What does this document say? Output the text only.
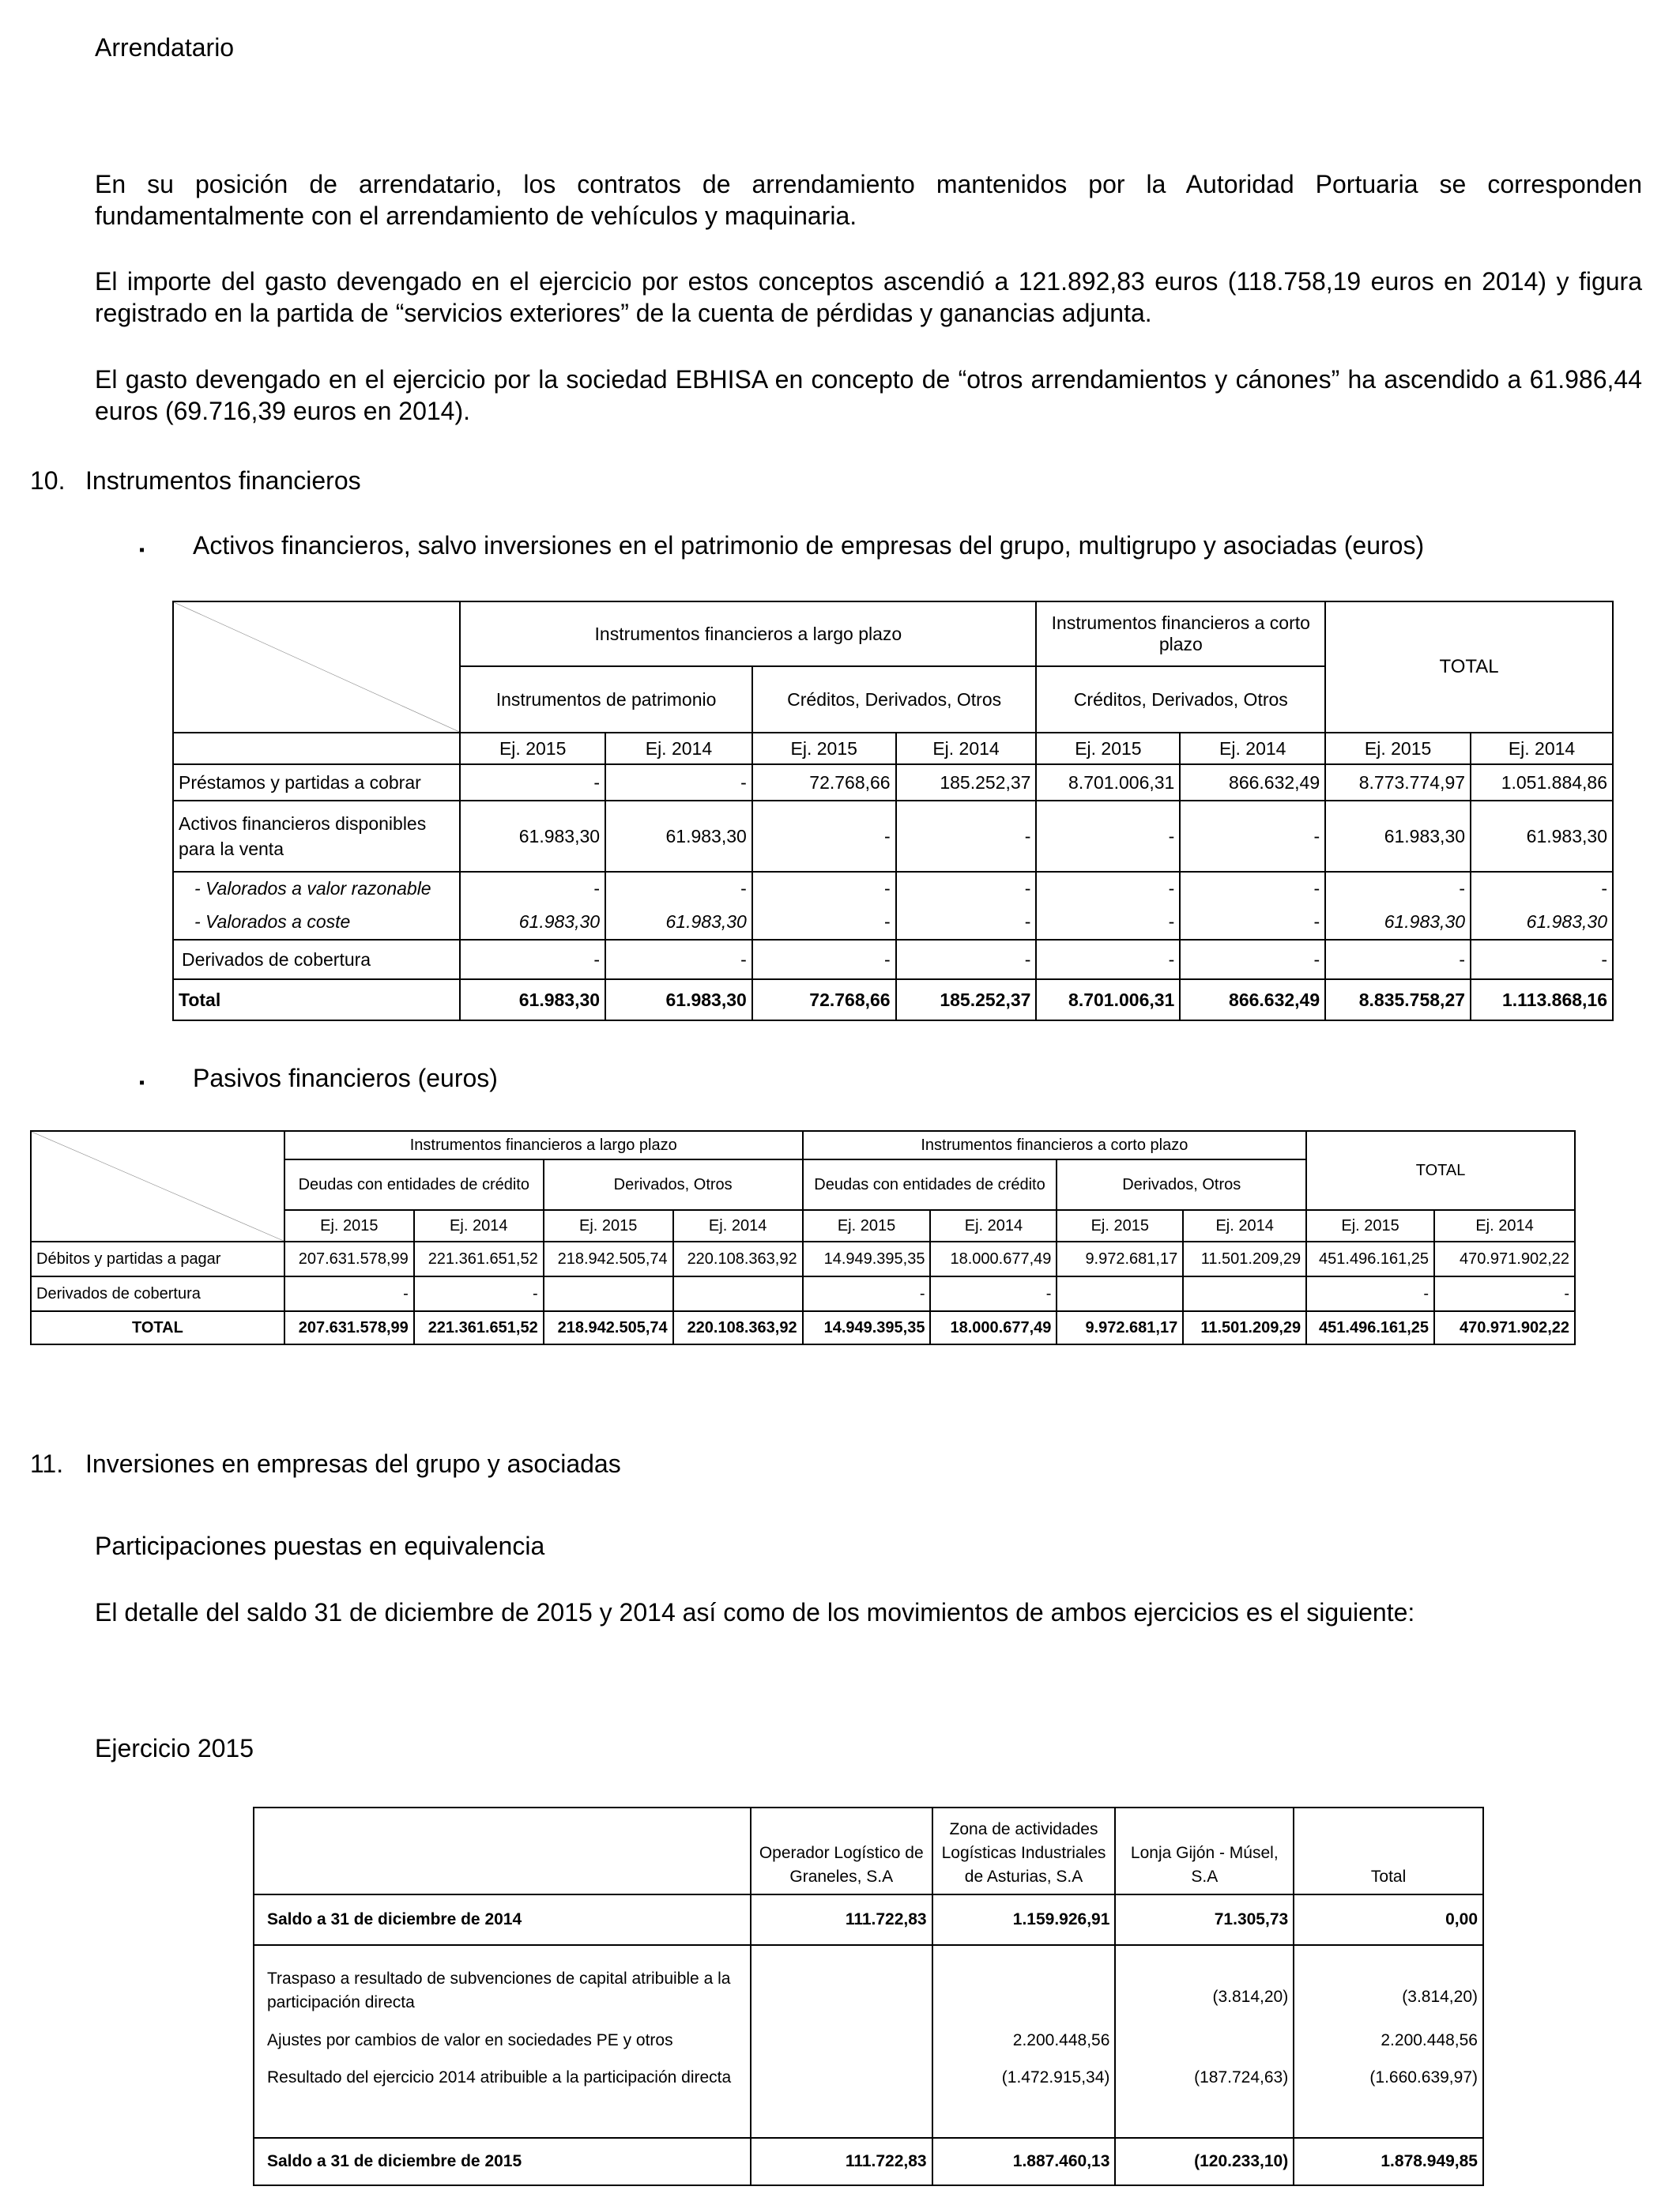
Arrendatario
En su posición de arrendatario, los contratos de arrendamiento mantenidos por la Autoridad Portuaria se corresponden fundamentalmente con el arrendamiento de vehículos y maquinaria.
El importe del gasto devengado en el ejercicio por estos conceptos ascendió a 121.892,83 euros (118.758,19 euros en 2014) y figura registrado en la partida de “servicios exteriores” de la cuenta de pérdidas y ganancias adjunta.
El gasto devengado en el ejercicio por la sociedad EBHISA en concepto de “otros arrendamientos y cánones” ha ascendido a 61.986,44 euros (69.716,39 euros en 2014).
10. Instrumentos financieros
▪ Activos financieros, salvo inversiones en el patrimonio de empresas del grupo, multigrupo y asociadas (euros)
	Instrumentos financieros a largo plazo				Instrumentos financieros a corto plazo		TOTAL	
	Instrumentos de patrimonio		Créditos, Derivados, Otros		Créditos, Derivados, Otros			
	Ej. 2015	Ej. 2014	Ej. 2015	Ej. 2014	Ej. 2015	Ej. 2014	Ej. 2015	Ej. 2014
Préstamos y partidas a cobrar	-	-	72.768,66	185.252,37	8.701.006,31	866.632,49	8.773.774,97	1.051.884,86
Activos financieros disponibles para la venta	61.983,30	61.983,30	-	-	-	-	61.983,30	61.983,30
- Valorados a valor razonable	-	-	-	-	-	-	-	-
- Valorados a coste	61.983,30	61.983,30	-	-	-	-	61.983,30	61.983,30
Derivados de cobertura	-	-	-	-	-	-	-	-
Total	61.983,30	61.983,30	72.768,66	185.252,37	8.701.006,31	866.632,49	8.835.758,27	1.113.868,16
▪ Pasivos financieros (euros)
	Instrumentos financieros a largo plazo				Instrumentos financieros a corto plazo				TOTAL	
	Deudas con entidades de crédito		Derivados, Otros		Deudas con entidades de crédito		Derivados, Otros			
	Ej. 2015	Ej. 2014	Ej. 2015	Ej. 2014	Ej. 2015	Ej. 2014	Ej. 2015	Ej. 2014	Ej. 2015	Ej. 2014
Débitos y partidas a pagar	207.631.578,99	221.361.651,52	218.942.505,74	220.108.363,92	14.949.395,35	18.000.677,49	9.972.681,17	11.501.209,29	451.496.161,25	470.971.902,22
Derivados de cobertura	-	-			-	-			-	-
TOTAL	207.631.578,99	221.361.651,52	218.942.505,74	220.108.363,92	14.949.395,35	18.000.677,49	9.972.681,17	11.501.209,29	451.496.161,25	470.971.902,22
11. Inversiones en empresas del grupo y asociadas
Participaciones puestas en equivalencia
El detalle del saldo 31 de diciembre de 2015 y 2014 así como de los movimientos de ambos ejercicios es el siguiente:
Ejercicio 2015
	Operador Logístico de Graneles, S.A	Zona de actividades Logísticas Industriales de Asturias, S.A	Lonja Gijón - Músel, S.A	Total
Saldo a 31 de diciembre de 2014	111.722,83	1.159.926,91	71.305,73	0,00
Traspaso a resultado de subvenciones de capital atribuible a la participación directa			(3.814,20)	(3.814,20)
Ajustes por cambios de valor en sociedades PE y otros		2.200.448,56		2.200.448,56
Resultado del ejercicio 2014 atribuible a la participación directa		(1.472.915,34)	(187.724,63)	(1.660.639,97)
Saldo a 31 de diciembre de 2015	111.722,83	1.887.460,13	(120.233,10)	1.878.949,85
